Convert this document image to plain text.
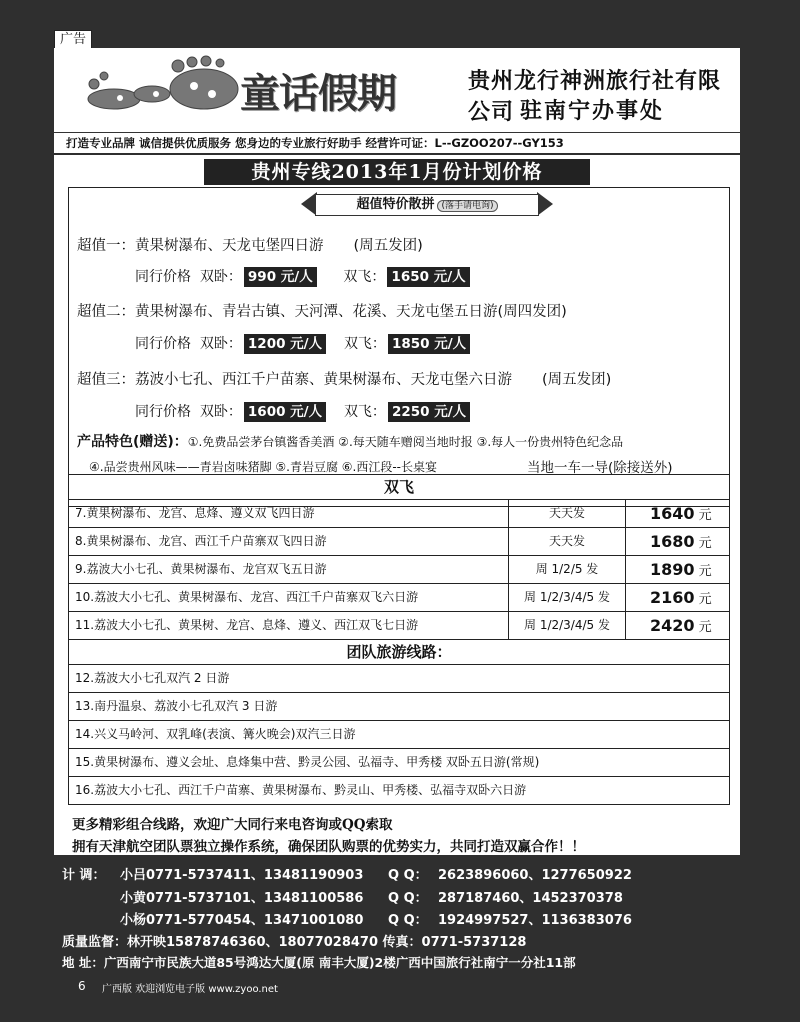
广告
童话假期	贵州龙行神洲旅行社有限公司 驻南宁办事处
打造专业品牌 诚信提供优质服务 您身边的专业旅行好助手 经营许可证：L--GZOO207--GY153
贵州专线2013年1月份计划价格
超值特价散拼 (落手请电询)
超值一：黄果树瀑布、天龙屯堡四日游 (周五发团)
同行价格 双卧： 990 元/人 双飞： 1650 元/人
超值二：黄果树瀑布、青岩古镇、天河潭、花溪、天龙屯堡五日游(周四发团)
同行价格 双卧： 1200 元/人 双飞： 1850 元/人
超值三：荔波小七孔、西江千户苗寨、黄果树瀑布、天龙屯堡六日游 (周五发团)
同行价格 双卧： 1600 元/人 双飞： 2250 元/人
产品特色(赠送)：①.免费品尝茅台镇酱香美酒 ②.每天随车赠阅当地时报 ③.每人一份贵州特色纪念品
④.品尝贵州风味——青岩卤味猪脚 ⑤.青岩豆腐 ⑥.西江段--长桌宴	当地一车一导(除接送外)
双飞
7.黄果树瀑布、龙宫、息烽、遵义双飞四日游	天天发	1640 元
8.黄果树瀑布、龙宫、西江千户苗寨双飞四日游	天天发	1680 元
9.荔波大小七孔、黄果树瀑布、龙宫双飞五日游	周 1/2/5 发	1890 元
10.荔波大小七孔、黄果树瀑布、龙宫、西江千户苗寨双飞六日游	周 1/2/3/4/5 发	2160 元
11.荔波大小七孔、黄果树、龙宫、息烽、遵义、西江双飞七日游	周 1/2/3/4/5 发	2420 元
团队旅游线路：
12.荔波大小七孔双汽 2 日游
13.南丹温泉、荔波小七孔双汽 3 日游
14.兴义马岭河、双乳峰(表演、篝火晚会)双汽三日游
15.黄果树瀑布、遵义会址、息烽集中营、黔灵公园、弘福寺、甲秀楼 双卧五日游(常规)
16.荔波大小七孔、西江千户苗寨、黄果树瀑布、黔灵山、甲秀楼、弘福寺双卧六日游
更多精彩组合线路，欢迎广大同行来电咨询或QQ索取
拥有天津航空团队票独立操作系统，确保团队购票的优势实力，共同打造双赢合作！！
计 调： 小吕0771-5737411、13481190903 Q Q： 2623896060、1277650922
小黄0771-5737101、13481100586 Q Q： 287187460、1452370378
小杨0771-5770454、13471001080 Q Q： 1924997527、1136383076
质量监督：林开映15878746360、18077028470 传真：0771-5737128
地 址：广西南宁市民族大道85号鸿达大厦(原 南丰大厦)2楼广西中国旅行社南宁一分社11部
6 广西版 欢迎浏览电子版 www.zyoo.net
